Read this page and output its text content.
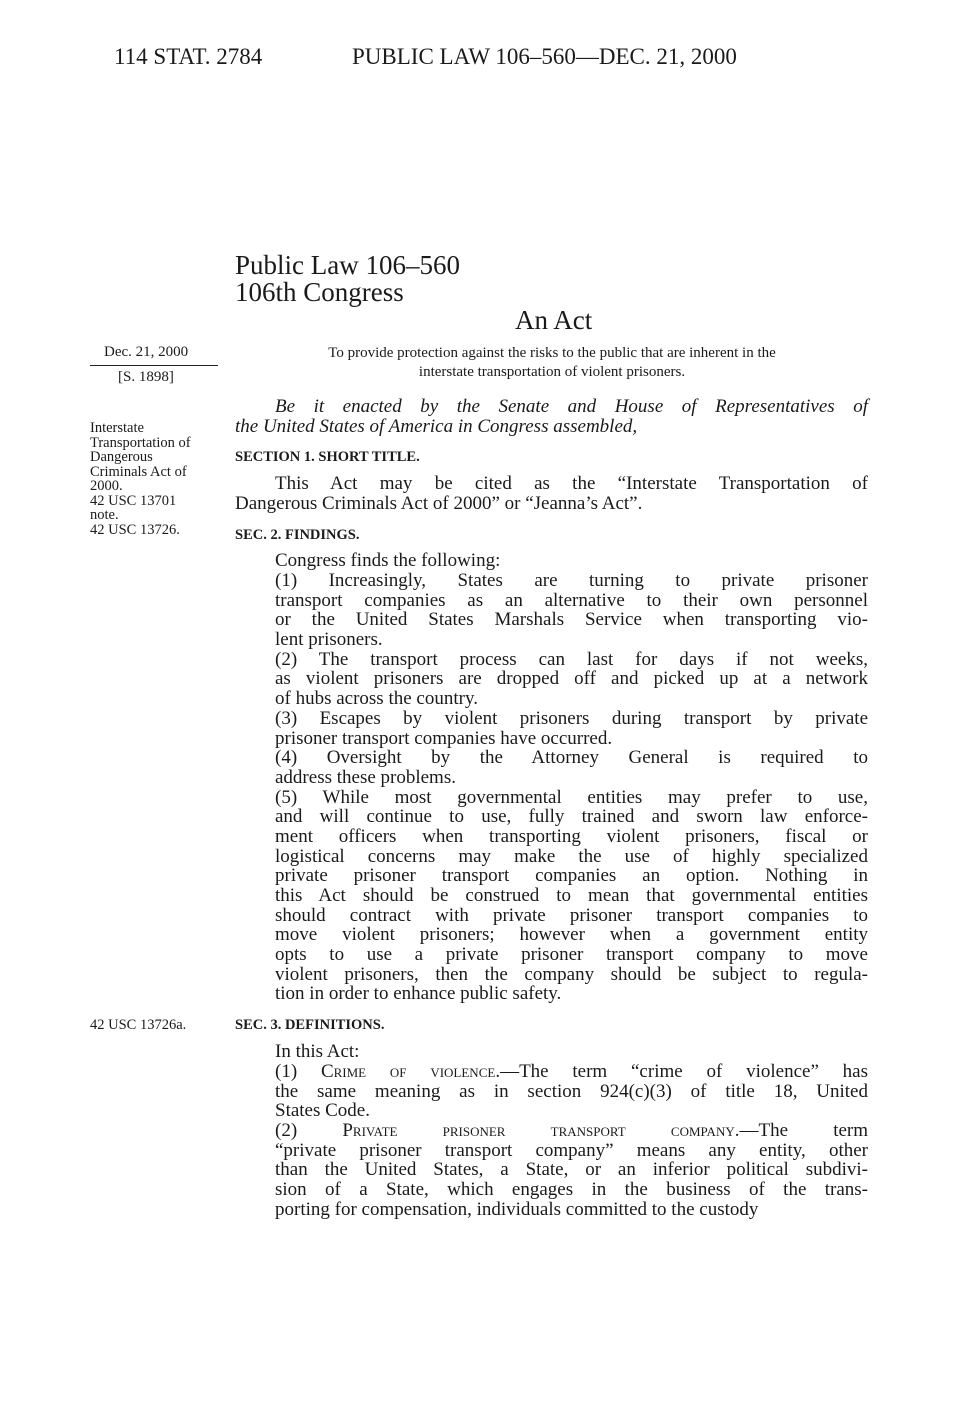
114 STAT. 2784	PUBLIC LAW 106–560—DEC. 21, 2000
Public Law 106–560
106th Congress
An Act
Dec. 21, 2000
[S. 1898]
Interstate
Transportation of
Dangerous
Criminals Act of
2000.
42 USC 13701
note.
42 USC 13726.
42 USC 13726a.
To provide protection against the risks to the public that are inherent in the
interstate transportation of violent prisoners.
Be it enacted by the Senate and House of Representatives of
the United States of America in Congress assembled,
SECTION 1. SHORT TITLE.
This Act may be cited as the “Interstate Transportation of
Dangerous Criminals Act of 2000” or “Jeanna’s Act”.
SEC. 2. FINDINGS.
Congress finds the following:
(1) Increasingly, States are turning to private prisoner
transport companies as an alternative to their own personnel
or the United States Marshals Service when transporting vio-
lent prisoners.
(2) The transport process can last for days if not weeks,
as violent prisoners are dropped off and picked up at a network
of hubs across the country.
(3) Escapes by violent prisoners during transport by private
prisoner transport companies have occurred.
(4) Oversight by the Attorney General is required to
address these problems.
(5) While most governmental entities may prefer to use,
and will continue to use, fully trained and sworn law enforce-
ment officers when transporting violent prisoners, fiscal or
logistical concerns may make the use of highly specialized
private prisoner transport companies an option. Nothing in
this Act should be construed to mean that governmental entities
should contract with private prisoner transport companies to
move violent prisoners; however when a government entity
opts to use a private prisoner transport company to move
violent prisoners, then the company should be subject to regula-
tion in order to enhance public safety.
SEC. 3. DEFINITIONS.
In this Act:
(1) Crime of violence.—The term “crime of violence” has
the same meaning as in section 924(c)(3) of title 18, United
States Code.
(2) Private prisoner transport company.—The term
“private prisoner transport company” means any entity, other
than the United States, a State, or an inferior political subdivi-
sion of a State, which engages in the business of the trans-
porting for compensation, individuals committed to the custody
